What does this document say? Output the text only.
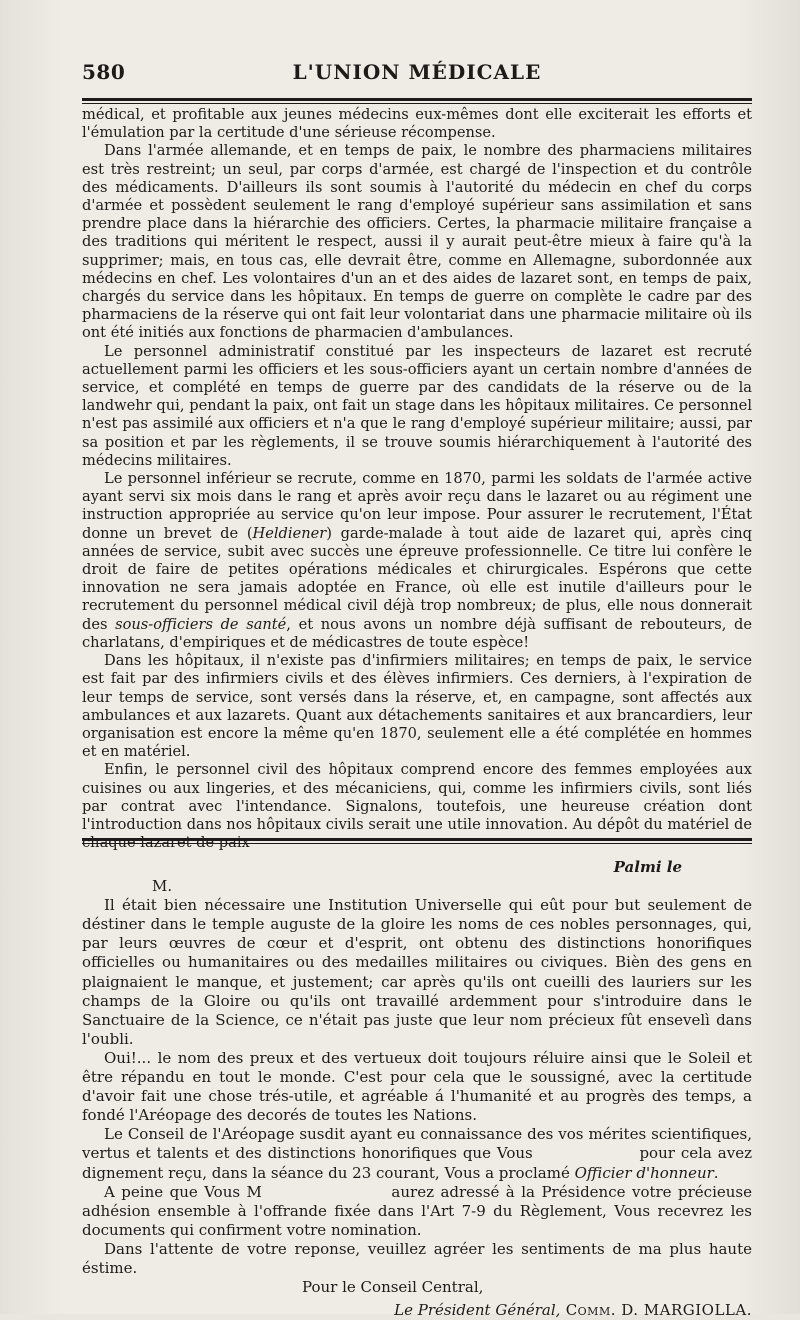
580	L'UNION MÉDICALE

médical, et profitable aux jeunes médecins eux-mêmes dont elle exciterait les efforts et l'émulation par la certitude d'une sérieuse récompense.

Dans l'armée allemande, et en temps de paix, le nombre des pharmaciens militaires est très restreint; un seul, par corps d'armée, est chargé de l'inspection et du contrôle des médicaments. D'ailleurs ils sont soumis à l'autorité du médecin en chef du corps d'armée et possèdent seulement le rang d'employé supérieur sans assimilation et sans prendre place dans la hiérarchie des officiers. Certes, la pharmacie militaire française a des traditions qui méritent le respect, aussi il y aurait peut-être mieux à faire qu'à la supprimer; mais, en tous cas, elle devrait être, comme en Allemagne, subordonnée aux médecins en chef. Les volontaires d'un an et des aides de lazaret sont, en temps de paix, chargés du service dans les hôpitaux. En temps de guerre on complète le cadre par des pharmaciens de la réserve qui ont fait leur volontariat dans une pharmacie militaire où ils ont été initiés aux fonctions de pharmacien d'ambulances.

Le personnel administratif constitué par les inspecteurs de lazaret est recruté actuellement parmi les officiers et les sous-officiers ayant un certain nombre d'années de service, et complété en temps de guerre par des candidats de la réserve ou de la landwehr qui, pendant la paix, ont fait un stage dans les hôpitaux militaires. Ce personnel n'est pas assimilé aux officiers et n'a que le rang d'employé supérieur militaire; aussi, par sa position et par les règlements, il se trouve soumis hiérarchiquement à l'autorité des médecins militaires.

Le personnel inférieur se recrute, comme en 1870, parmi les soldats de l'armée active ayant servi six mois dans le rang et après avoir reçu dans le lazaret ou au régiment une instruction appropriée au service qu'on leur impose. Pour assurer le recrutement, l'État donne un brevet de (Heldiener) garde-malade à tout aide de lazaret qui, après cinq années de service, subit avec succès une épreuve professionnelle. Ce titre lui confère le droit de faire de petites opérations médicales et chirurgicales. Espérons que cette innovation ne sera jamais adoptée en France, où elle est inutile d'ailleurs pour le recrutement du personnel médical civil déjà trop nombreux; de plus, elle nous donnerait des sous-officiers de santé, et nous avons un nombre déjà suffisant de rebouteurs, de charlatans, d'empiriques et de médicastres de toute espèce!

Dans les hôpitaux, il n'existe pas d'infirmiers militaires; en temps de paix, le service est fait par des infirmiers civils et des élèves infirmiers. Ces derniers, à l'expiration de leur temps de service, sont versés dans la réserve, et, en campagne, sont affectés aux ambulances et aux lazarets. Quant aux détachements sanitaires et aux brancardiers, leur organisation est encore la même qu'en 1870, seulement elle a été complétée en hommes et en matériel.

Enfin, le personnel civil des hôpitaux comprend encore des femmes employées aux cuisines ou aux lingeries, et des mécaniciens, qui, comme les infirmiers civils, sont liés par contrat avec l'intendance. Signalons, toutefois, une heureuse création dont l'introduction dans nos hôpitaux civils serait une utile innovation. Au dépôt du matériel de chaque lazaret de paix

Palmi le

M.

Il était bien nécessaire une Institution Universelle qui eût pour but seulement de déstiner dans le temple auguste de la gloire les noms de ces nobles personnages, qui, par leurs œuvres de cœur et d'esprit, ont obtenu des distinctions honorifiques officielles ou humanitaires ou des medailles militaires ou civiques. Bièn des gens en plaignaient le manque, et justement; car après qu'ils ont cueilli des lauriers sur les champs de la Gloire ou qu'ils ont travaillé ardemment pour s'introduire dans le Sanctuaire de la Science, ce n'était pas juste que leur nom précieux fût ensevelì dans l'oubli.

Oui!... le nom des preux et des vertueux doit toujours réluire ainsi que le Soleil et être répandu en tout le monde. C'est pour cela que le soussigné, avec la certitude d'avoir fait une chose trés-utile, et agréable á l'humanité et au progrès des temps, a fondé l'Aréopage des decorés de toutes les Nations.

Le Conseil de l'Aréopage susdit ayant eu connaissance des vos mérites scientifiques, vertus et talents et des distinctions honorifiques que Vous                  pour cela avez dignement reçu, dans la séance du 23 courant, Vous a proclamé Officier d'honneur.

A peine que Vous M                    aurez adressé à la Présidence votre précieuse adhésion ensemble à l'offrande fixée dans l'Art 7-9 du Règlement, Vous recevrez les documents qui confirment votre nomination.

Dans l'attente de votre reponse, veuillez agréer les sentiments de ma plus haute éstime.

Pour le Conseil Central,

Le Président Général, Comm. D. MARGIOLLA.
